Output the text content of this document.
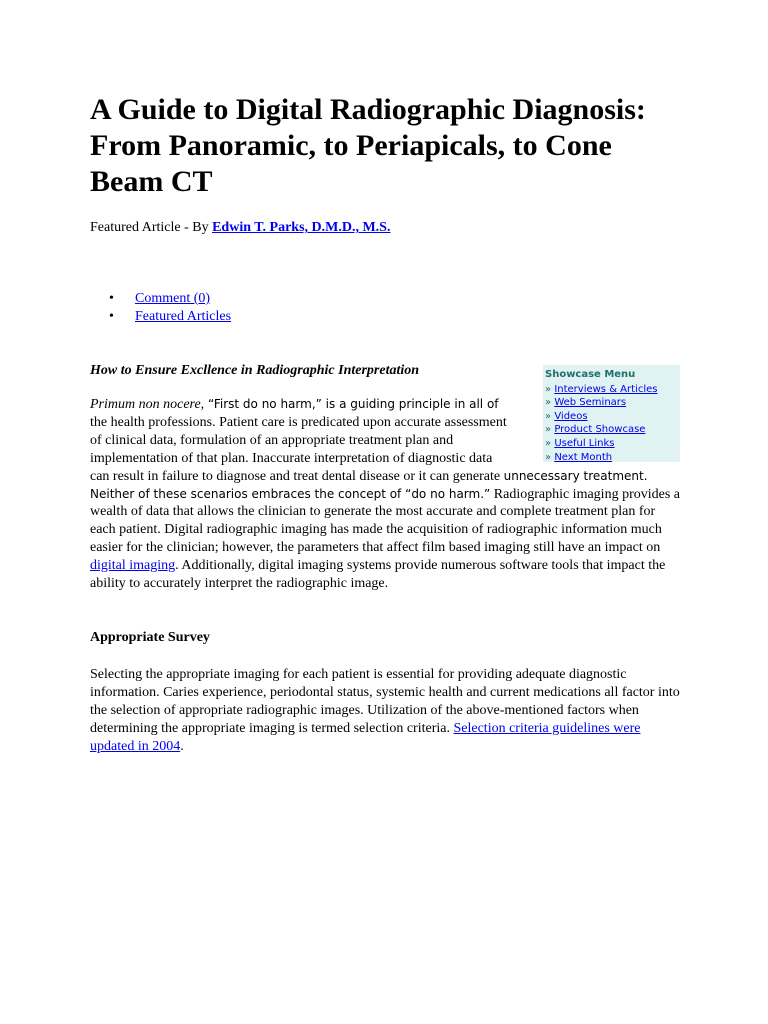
A Guide to Digital Radiographic Diagnosis: From Panoramic, to Periapicals, to Cone Beam CT
Featured Article - By Edwin T. Parks, D.M.D., M.S.
• Comment (0)
• Featured Articles
How to Ensure Excllence in Radiographic Interpretation	Showcase Menu
» Interviews & Articles
» Web Seminars
» Videos
» Product Showcase
» Useful Links
» Next Month
Primum non nocere, “First do no harm,” is a guiding principle in all of the health professions. Patient care is predicated upon accurate assessment of clinical data, formulation of an appropriate treatment plan and implementation of that plan. Inaccurate interpretation of diagnostic data can result in failure to diagnose and treat dental disease or it can generate unnecessary treatment. Neither of these scenarios embraces the concept of “do no harm.” Radiographic imaging provides a wealth of data that allows the clinician to generate the most accurate and complete treatment plan for each patient. Digital radiographic imaging has made the acquisition of radiographic information much easier for the clinician; however, the parameters that affect film based imaging still have an impact on digital imaging. Additionally, digital imaging systems provide numerous software tools that impact the ability to accurately interpret the radiographic image.
Appropriate Survey
Selecting the appropriate imaging for each patient is essential for providing adequate diagnostic information. Caries experience, periodontal status, systemic health and current medications all factor into the selection of appropriate radiographic images. Utilization of the above-mentioned factors when determining the appropriate imaging is termed selection criteria. Selection criteria guidelines were updated in 2004.
